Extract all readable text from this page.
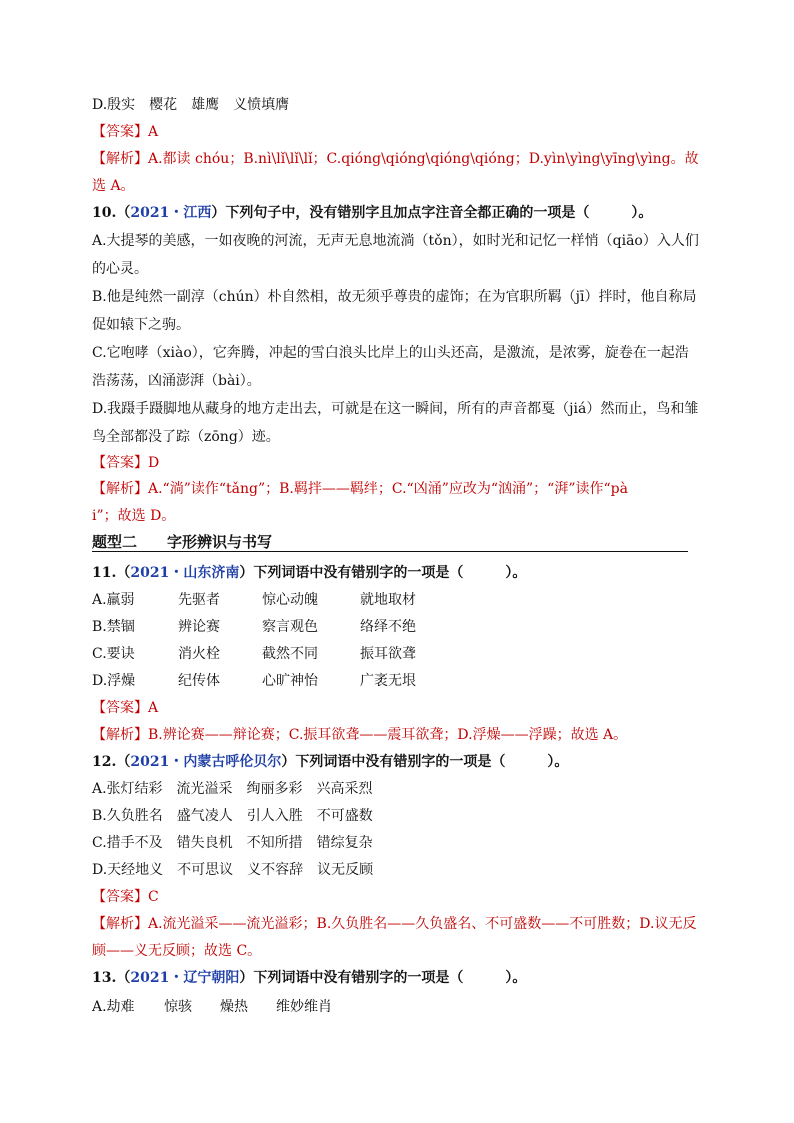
D.殷实　樱花　雄鹰　义愤填膺
【答案】A
【解析】A.都读 chóu；B.nì\lǐ\lǐ\lǐ；C.qióng\qióng\qióng\qióng；D.yìn\yìng\yīng\yìng。故
选 A。
10.（2021・江西）下列句子中，没有错别字且加点字注音全都正确的一项是（　　　）。
A.大提琴的美感，一如夜晚的河流，无声无息地流淌（tǒn），如时光和记忆一样悄（qiāo）入人们
的心灵。
B.他是纯然一副淳（chún）朴自然相，故无须乎尊贵的虚饰；在为官职所羁（jī）拌时，他自称局
促如辕下之驹。
C.它咆哮（xiào），它奔腾，冲起的雪白浪头比岸上的山头还高，是激流，是浓雾，旋卷在一起浩
浩荡荡，凶涌澎湃（bài）。
D.我蹑手蹑脚地从藏身的地方走出去，可就是在这一瞬间，所有的声音都戛（jiá）然而止，鸟和雏
鸟全部都没了踪（zōng）迹。
【答案】D
【解析】A.“淌”读作“tǎng”；B.羁拌——羁绊；C.“凶涌”应改为“汹涌”；“湃”读作“pà
i”；故选 D。
题型二　　字形辨识与书写
11.（2021・山东济南）下列词语中没有错别字的一项是（　　　）。
A.羸弱	先驱者	惊心动魄	就地取材
B.禁锢	辨论赛	察言观色	络绎不绝
C.要诀	消火栓	截然不同	振耳欲聋
D.浮燥	纪传体	心旷神怡	广袤无垠
【答案】A
【解析】B.辨论赛——辩论赛；C.振耳欲聋——震耳欲聋；D.浮燥——浮躁；故选 A。
12.（2021・内蒙古呼伦贝尔）下列词语中没有错别字的一项是（　　　）。
A.张灯结彩　流光溢采　绚丽多彩　兴高采烈
B.久负胜名　盛气凌人　引人入胜　不可盛数
C.措手不及　错失良机　不知所措　错综复杂
D.天经地义　不可思议　义不容辞　议无反顾
【答案】C
【解析】A.流光溢采——流光溢彩；B.久负胜名——久负盛名、不可盛数——不可胜数；D.议无反
顾——义无反顾；故选 C。
13.（2021・辽宁朝阳）下列词语中没有错别字的一项是（　　　）。
A.劫难 惊骇 燥热 维妙维肖
